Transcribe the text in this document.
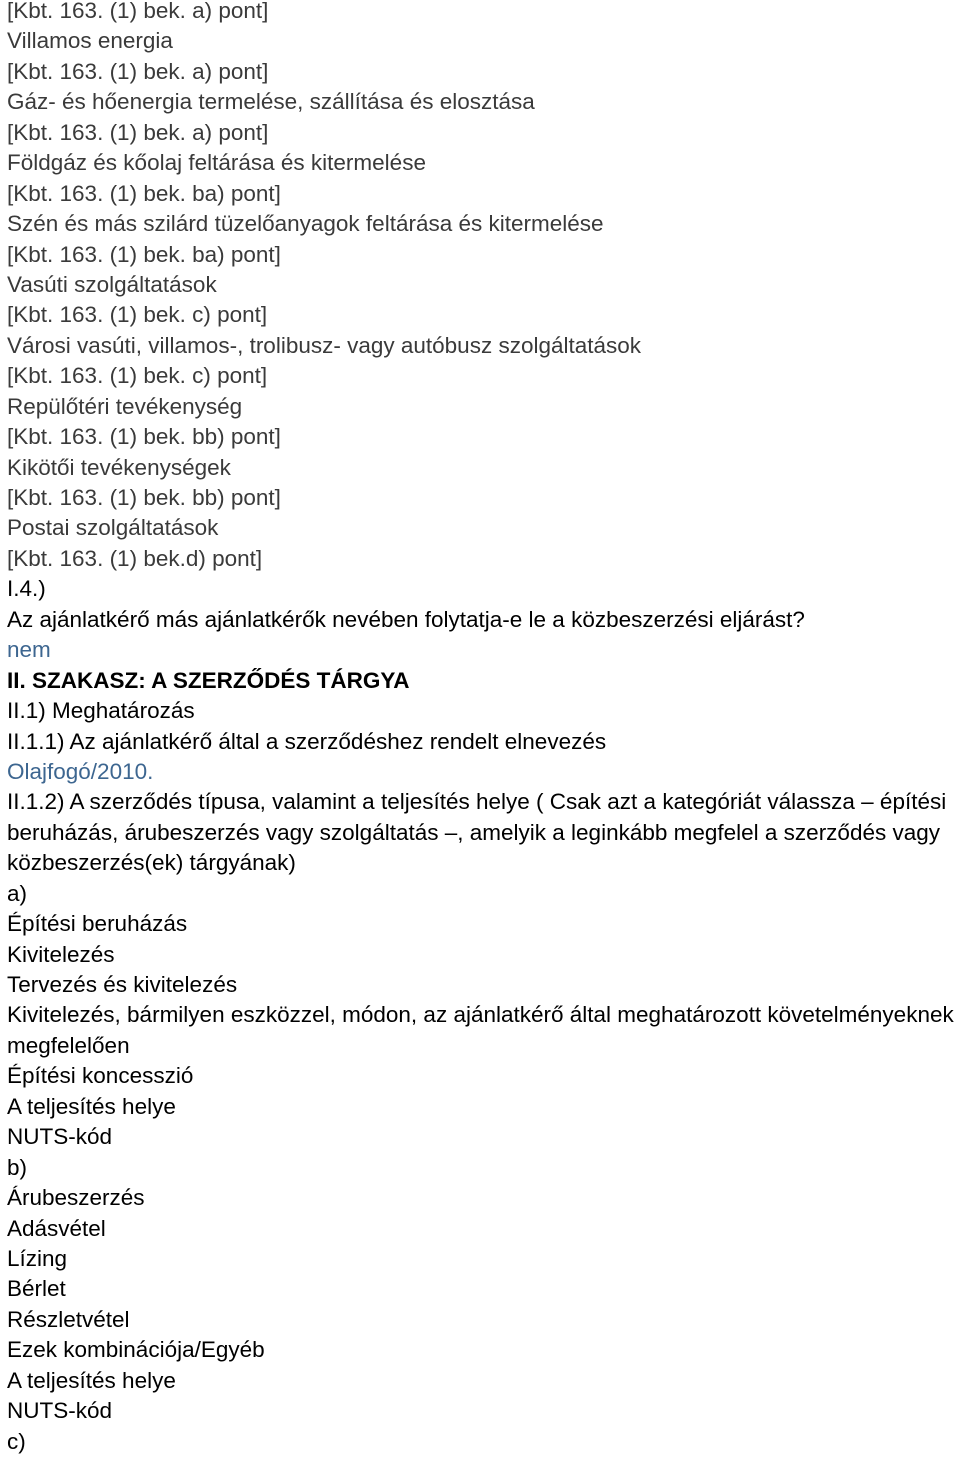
[Kbt. 163. (1) bek. a) pont]
Villamos energia
[Kbt. 163. (1) bek. a) pont]
Gáz- és hőenergia termelése, szállítása és elosztása
[Kbt. 163. (1) bek. a) pont]
Földgáz és kőolaj feltárása és kitermelése
[Kbt. 163. (1) bek. ba) pont]
Szén és más szilárd tüzelőanyagok feltárása és kitermelése
[Kbt. 163. (1) bek. ba) pont]
Vasúti szolgáltatások
[Kbt. 163. (1) bek. c) pont]
Városi vasúti, villamos-, trolibusz- vagy autóbusz szolgáltatások
[Kbt. 163. (1) bek. c) pont]
Repülőtéri tevékenység
[Kbt. 163. (1) bek. bb) pont]
Kikötői tevékenységek
[Kbt. 163. (1) bek. bb) pont]
Postai szolgáltatások
[Kbt. 163. (1) bek.d) pont]
I.4.)
Az ajánlatkérő más ajánlatkérők nevében folytatja-e le a közbeszerzési eljárást?
nem
II. SZAKASZ: A SZERZŐDÉS TÁRGYA
II.1) Meghatározás
II.1.1) Az ajánlatkérő által a szerződéshez rendelt elnevezés
Olajfogó/2010.
II.1.2) A szerződés típusa, valamint a teljesítés helye ( Csak azt a kategóriát válassza – építési beruházás, árubeszerzés vagy szolgáltatás –, amelyik a leginkább megfelel a szerződés vagy közbeszerzés(ek) tárgyának)
a)
Építési beruházás
Kivitelezés
Tervezés és kivitelezés
Kivitelezés, bármilyen eszközzel, módon, az ajánlatkérő által meghatározott követelményeknek megfelelően
Építési koncesszió
A teljesítés helye
NUTS-kód
b)
Árubeszerzés
Adásvétel
Lízing
Bérlet
Részletvétel
Ezek kombinációja/Egyéb
A teljesítés helye
NUTS-kód
c)
